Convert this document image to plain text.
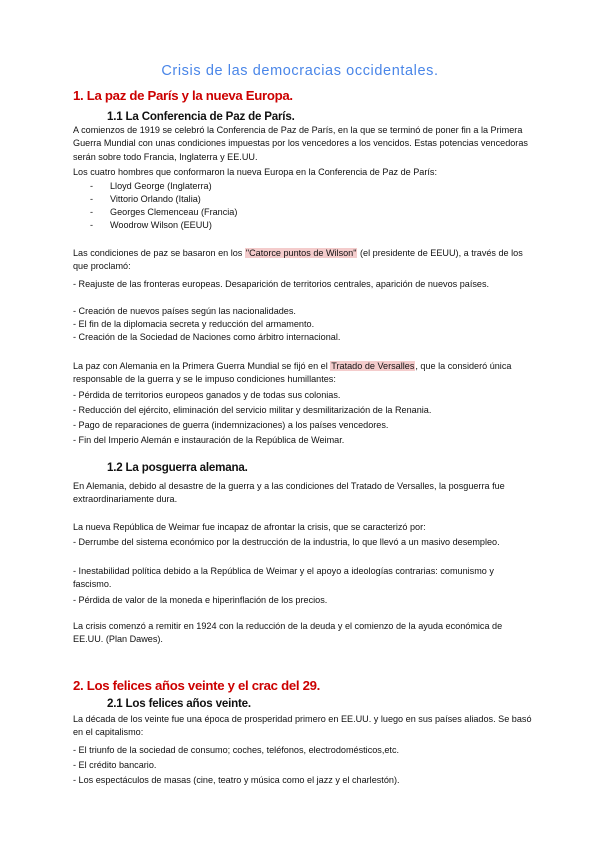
Crisis de las democracias occidentales.
1. La paz de París y la nueva Europa.
1.1 La Conferencia de Paz de París.
A comienzos de 1919 se celebró la Conferencia de Paz de París, en la que se terminó de poner fin a la Primera Guerra Mundial con unas condiciones impuestas por los vencedores a los vencidos. Estas potencias vencedoras serán sobre todo Francia, Inglaterra y EE.UU.
Los cuatro hombres que conformaron la nueva Europa en la Conferencia de Paz de París:
- Lloyd George (Inglaterra)
- Vittorio Orlando (Italia)
- Georges Clemenceau (Francia)
- Woodrow Wilson (EEUU)
Las condiciones de paz se basaron en los "Catorce puntos de Wilson" (el presidente de EEUU), a través de los que proclamó:
- Reajuste de las fronteras europeas. Desaparición de territorios centrales, aparición de nuevos países.
- Creación de nuevos países según las nacionalidades.
- El fin de la diplomacia secreta y reducción del armamento.
- Creación de la Sociedad de Naciones como árbitro internacional.
La paz con Alemania en la Primera Guerra Mundial se fijó en el Tratado de Versalles, que la consideró única responsable de la guerra y se le impuso condiciones humillantes:
- Pérdida de territorios europeos ganados y de todas sus colonias.
- Reducción del ejército, eliminación del servicio militar y desmilitarización de la Renania.
- Pago de reparaciones de guerra (indemnizaciones) a los países vencedores.
- Fin del Imperio Alemán e instauración de la República de Weimar.
1.2 La posguerra alemana.
En Alemania, debido al desastre de la guerra y a las condiciones del Tratado de Versalles, la posguerra fue extraordinariamente dura.
La nueva República de Weimar fue incapaz de afrontar la crisis, que se caracterizó por:
- Derrumbe del sistema económico por la destrucción de la industria, lo que llevó a un masivo desempleo.
- Inestabilidad política debido a la República de Weimar y el apoyo a ideologías contrarias: comunismo y fascismo.
- Pérdida de valor de la moneda e hiperinflación de los precios.
La crisis comenzó a remitir en 1924 con la reducción de la deuda y el comienzo de la ayuda económica de EE.UU. (Plan Dawes).
2. Los felices años veinte y el crac del 29.
2.1 Los felices años veinte.
La década de los veinte fue una época de prosperidad primero en EE.UU. y luego en sus países aliados. Se basó en el capitalismo:
- El triunfo de la sociedad de consumo; coches, teléfonos, electrodomésticos,etc.
- El crédito bancario.
- Los espectáculos de masas (cine, teatro y música como el jazz y el charlestón).
